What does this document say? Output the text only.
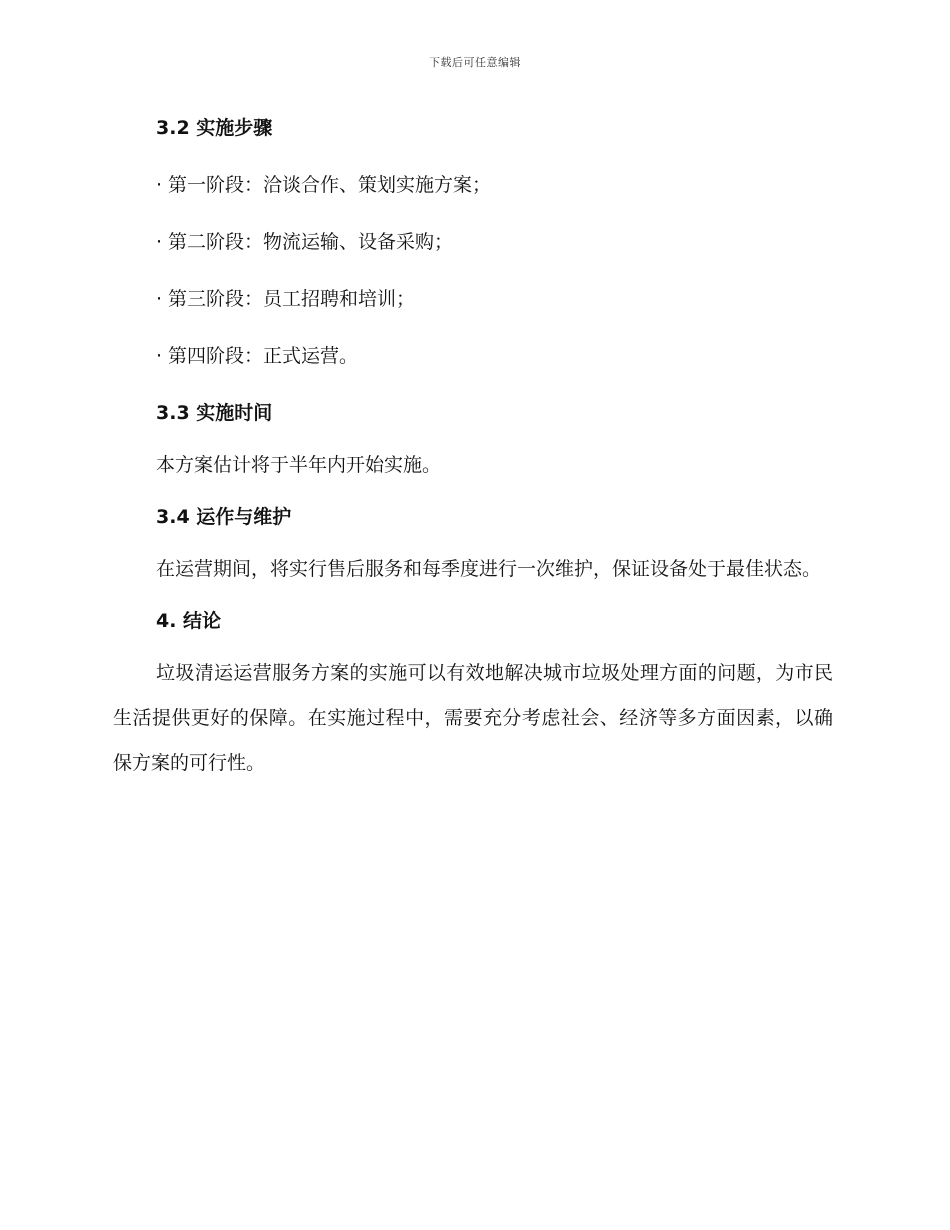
下载后可任意编辑
3.2 实施步骤
· 第一阶段：洽谈合作、策划实施方案；
· 第二阶段：物流运输、设备采购；
· 第三阶段：员工招聘和培训；
· 第四阶段：正式运营。
3.3 实施时间

本方案估计将于半年内开始实施。

3.4 运作与维护

在运营期间，将实行售后服务和每季度进行一次维护，保证设备处于最佳状态。

4. 结论

垃圾清运运营服务方案的实施可以有效地解决城市垃圾处理方面的问题，为市民生活提供更好的保障。在实施过程中，需要充分考虑社会、经济等多方面因素，以确保方案的可行性。
